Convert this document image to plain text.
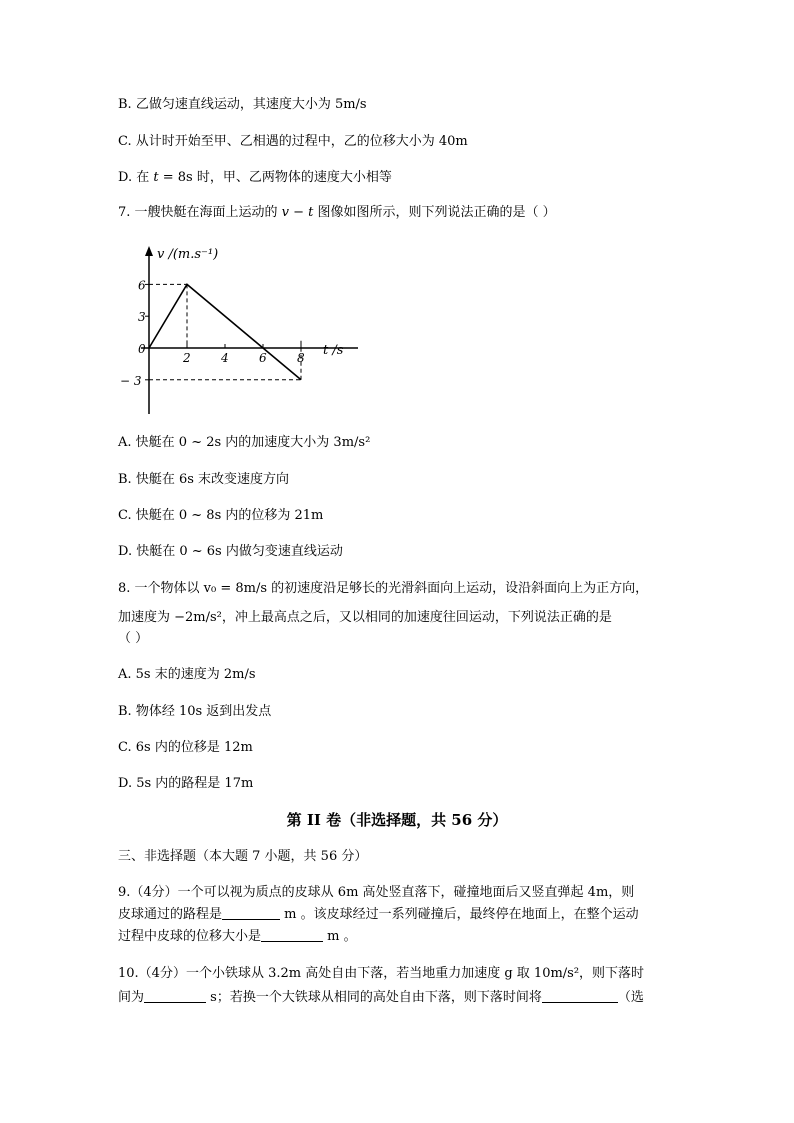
B. 乙做匀速直线运动，其速度大小为 5m/s
C. 从计时开始至甲、乙相遇的过程中，乙的位移大小为 40m
D. 在 t = 8s 时，甲、乙两物体的速度大小相等
7. 一艘快艇在海面上运动的 v − t 图像如图所示，则下列说法正确的是（ ）
2	4	6	8
6
3
0
− 3
v /(m.s⁻¹)
t /s
A. 快艇在 0 ~ 2s 内的加速度大小为 3m/s²
B. 快艇在 6s 末改变速度方向
C. 快艇在 0 ~ 8s 内的位移为 21m
D. 快艇在 0 ~ 6s 内做匀变速直线运动
8. 一个物体以 v₀ = 8m/s 的初速度沿足够长的光滑斜面向上运动，设沿斜面向上为正方向，
加速度为 −2m/s²，冲上最高点之后，又以相同的加速度往回运动，下列说法正确的是
（ ）
A. 5s 末的速度为 2m/s
B. 物体经 10s 返到出发点
C. 6s 内的位移是 12m
D. 5s 内的路程是 17m
第 II 卷（非选择题，共 56 分）
三、非选择题（本大题 7 小题，共 56 分）
9.（4分）一个可以视为质点的皮球从 6m 高处竖直落下，碰撞地面后又竖直弹起 4m，则
皮球通过的路程是	m 。该皮球经过一系列碰撞后，最终停在地面上，在整个运动
过程中皮球的位移大小是	m 。
10.（4分）一个小铁球从 3.2m 高处自由下落，若当地重力加速度 g 取 10m/s²，则下落时
间为	s；若换一个大铁球从相同的高处自由下落，则下落时间将	（选
